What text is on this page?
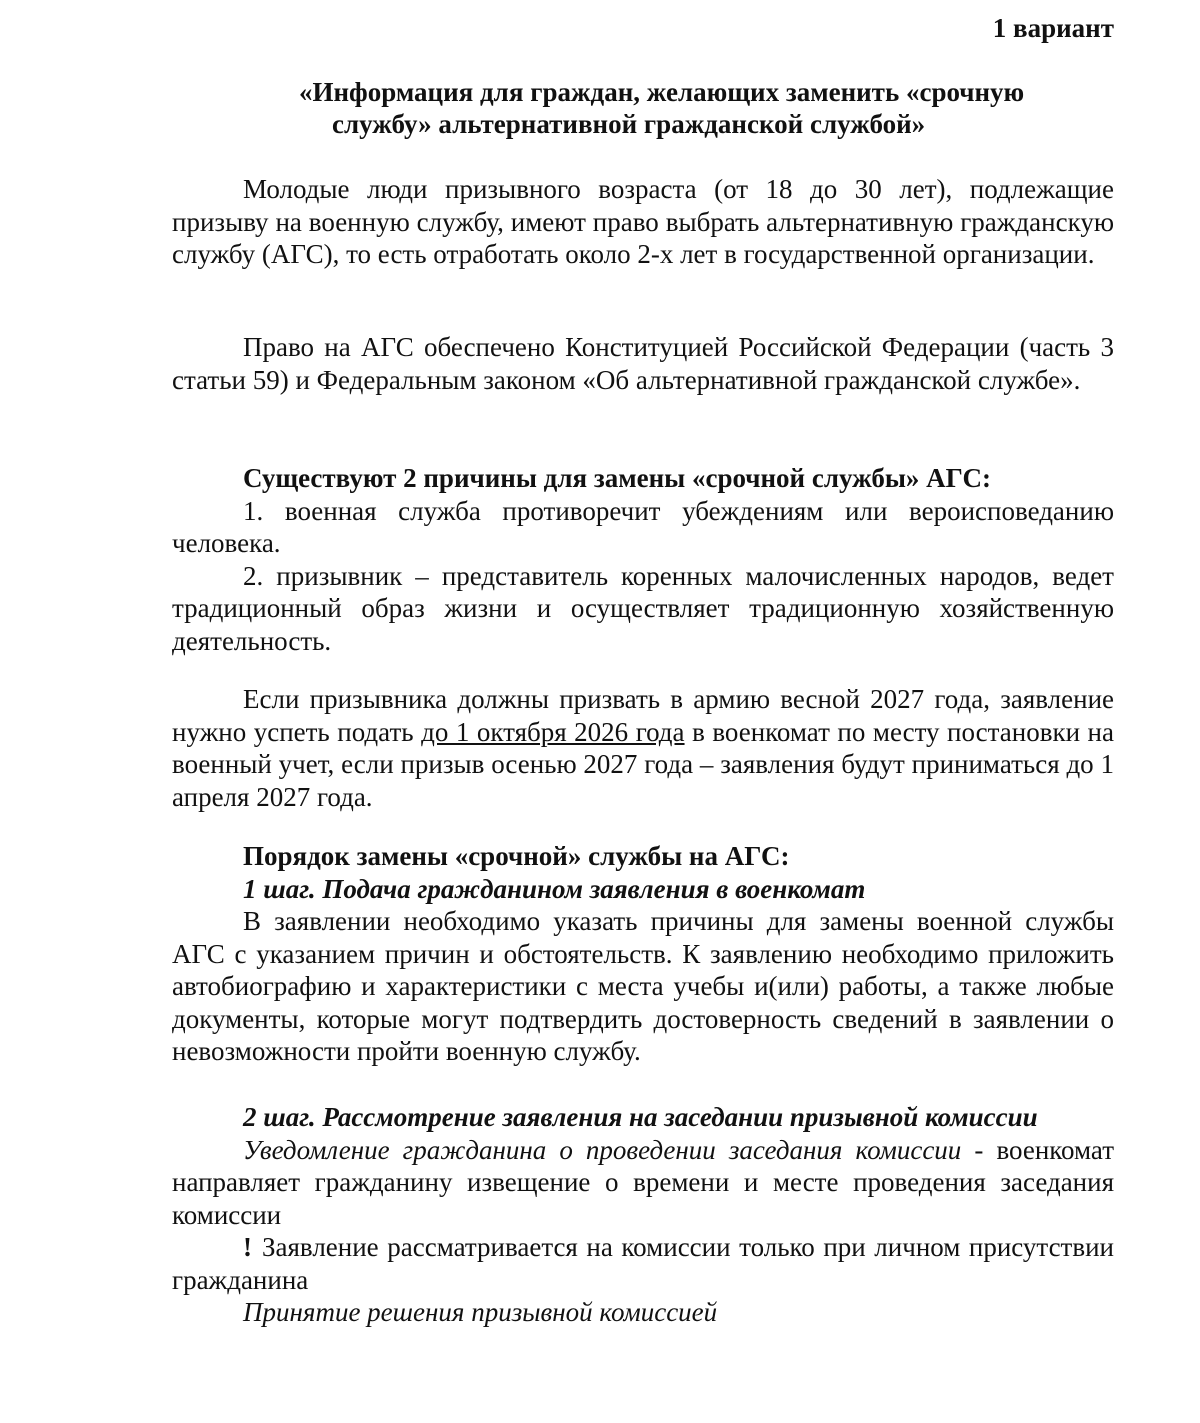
1 вариант
«Информация для граждан, желающих заменить «срочную
службу» альтернативной гражданской службой»

Молодые люди призывного возраста (от 18 до 30 лет), подлежащие призыву на военную службу, имеют право выбрать альтернативную гражданскую службу (АГС), то есть отработать около 2-х лет в государственной организации.

Право на АГС обеспечено Конституцией Российской Федерации (часть 3 статьи 59) и Федеральным законом «Об альтернативной гражданской службе».

Существуют 2 причины для замены «срочной службы» АГС:

1. военная служба противоречит убеждениям или вероисповеданию человека.

2. призывник – представитель коренных малочисленных народов, ведет традиционный образ жизни и осуществляет традиционную хозяйственную деятельность.

Если призывника должны призвать в армию весной 2027 года, заявление нужно успеть подать до 1 октября 2026 года в военкомат по месту постановки на военный учет, если призыв осенью 2027 года – заявления будут приниматься до 1 апреля 2027 года.

Порядок замены «срочной» службы на АГС:

1 шаг. Подача гражданином заявления в военкомат

В заявлении необходимо указать причины для замены военной службы АГС с указанием причин и обстоятельств. К заявлению необходимо приложить автобиографию и характеристики с места учебы и(или) работы, а также любые документы, которые могут подтвердить достоверность сведений в заявлении о невозможности пройти военную службу.

2 шаг. Рассмотрение заявления на заседании призывной комиссии

Уведомление гражданина о проведении заседания комиссии - военкомат направляет гражданину извещение о времени и месте проведения заседания комиссии

! Заявление рассматривается на комиссии только при личном присутствии гражданина

Принятие решения призывной комиссией
